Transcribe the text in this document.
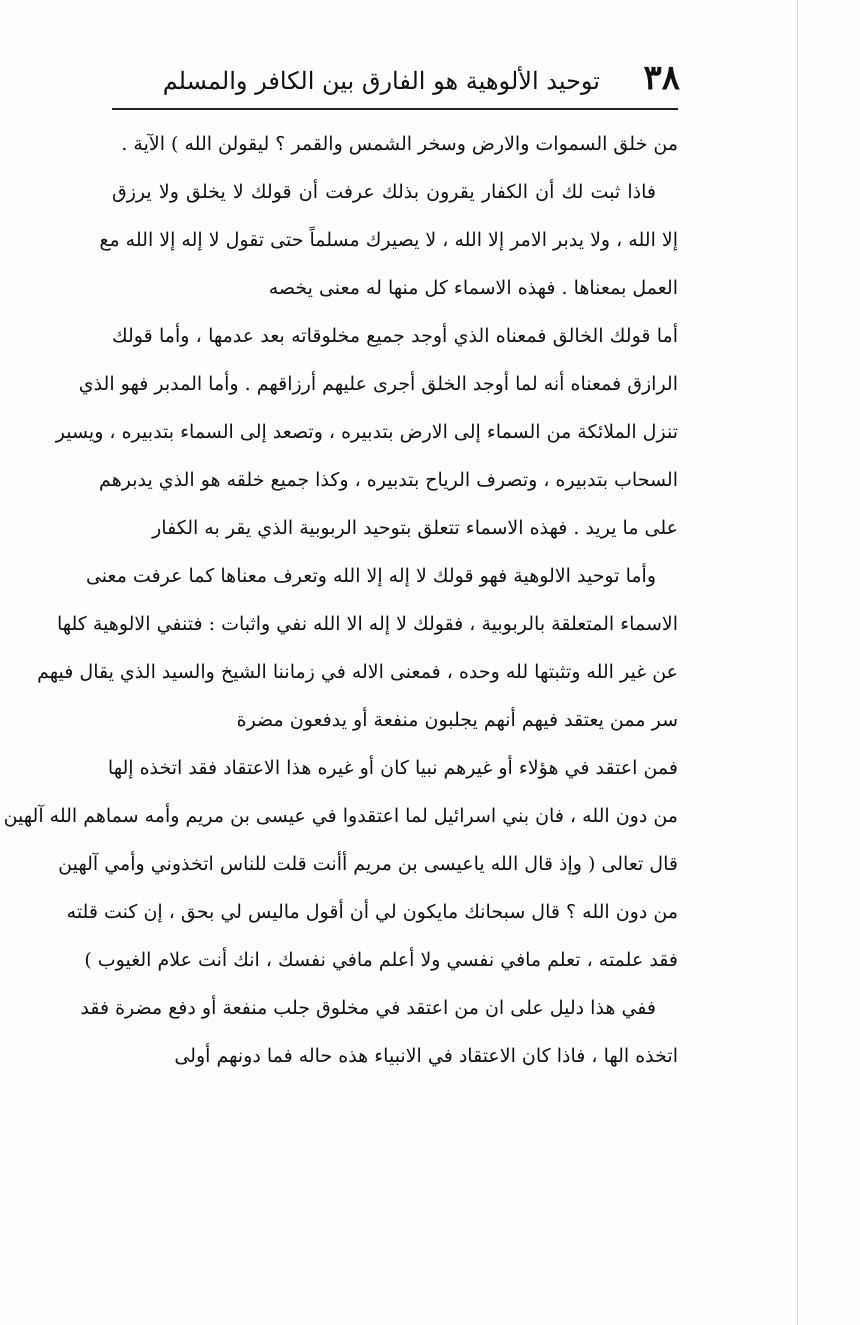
٣٨
توحيد الألوهية هو الفارق بين الكافر والمسلم
من خلق السموات والارض وسخر الشمس والقمر ؟ ليقولن الله ) الآية .
فاذا ثبت لك أن الكفار يقرون بذلك عرفت أن قولك لا يخلق ولا يرزق
إلا الله ، ولا يدبر الامر إلا الله ، لا يصيرك مسلماً حتى تقول لا إله إلا الله مع
العمل بمعناها . فهذه الاسماء كل منها له معنى يخصه
أما قولك الخالق فمعناه الذي أوجد جميع مخلوقاته بعد عدمها ، وأما قولك
الرازق فمعناه أنه لما أوجد الخلق أجرى عليهم أرزاقهم . وأما المدبر فهو الذي
تنزل الملائكة من السماء إلى الارض بتدبيره ، وتصعد إلى السماء بتدبيره ، ويسير
السحاب بتدبيره ، وتصرف الرياح بتدبيره ، وكذا جميع خلقه هو الذي يدبرهم
على ما يريد . فهذه الاسماء تتعلق بتوحيد الربوبية الذي يقر به الكفار
وأما توحيد الالوهية فهو قولك لا إله إلا الله وتعرف معناها كما عرفت معنى
الاسماء المتعلقة بالربوبية ، فقولك لا إله الا الله نفي واثبات : فتنفي الالوهية كلها
عن غير الله وتثبتها لله وحده ، فمعنى الاله في زماننا الشيخ والسيد الذي يقال فيهم
سر ممن يعتقد فيهم أنهم يجلبون منفعة أو يدفعون مضرة
فمن اعتقد في هؤلاء أو غيرهم نبيا كان أو غيره هذا الاعتقاد فقد اتخذه إلها
من دون الله ، فان بني اسرائيل لما اعتقدوا في عيسى بن مريم وأمه سماهم الله آلهين
قال تعالى ( وإذ قال الله ياعيسى بن مريم أأنت قلت للناس اتخذوني وأمي آلهين
من دون الله ؟ قال سبحانك مايكون لي أن أقول ماليس لي بحق ، إن كنت قلته
فقد علمته ، تعلم مافي نفسي ولا أعلم مافي نفسك ، انك أنت علام الغيوب )
ففي هذا دليل على ان من اعتقد في مخلوق جلب منفعة أو دفع مضرة فقد
اتخذه الها ، فاذا كان الاعتقاد في الانبياء هذه حاله فما دونهم أولى
